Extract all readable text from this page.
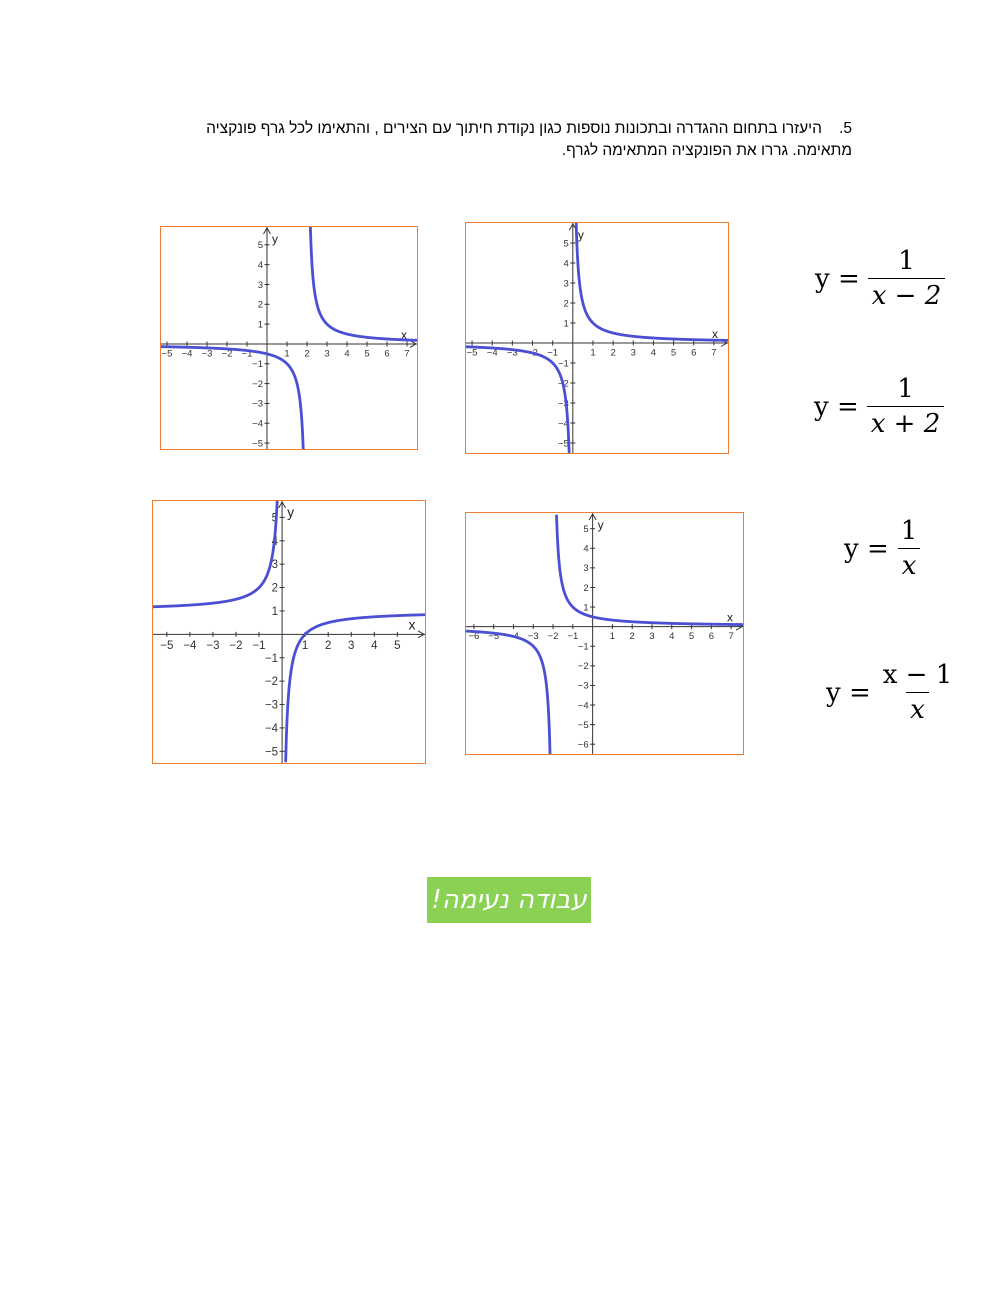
5.היעזרו בתחום ההגדרה ובתכונות נוספות כגון נקודת חיתוך עם הצירים , והתאימו לכל גרף פונקציה מתאימה. גררו את הפונקציה המתאימה לגרף.
−5 −4 −3 −2 −1	1 2 3 4 5 6 7
5
4
3
2
1
−1
−2
−3
−4
−5
x
y
−5 −4 −3 −2 −1	1 2 3 4 5 6 7
5
4
3
2
1
−1
−2
−3
−4
−5
x
y
−5 −4 −3 −2 −1	1 2 3 4 5
5
4
3
2
1
−1
−2
−3
−4
−5
x
y
−6 −5 −4 −3 −2 −1	1 2 3 4 5 6 7
5
4
3
2
1
−1
−2
−3
−4
−5
−6
x
y
$y = \frac{1}{x - 2}$
$y = \frac{1}{x + 2}$
$y = \frac{1}{x}$
$y = \frac{x - 1}{x}$
עבודה נעימה!
